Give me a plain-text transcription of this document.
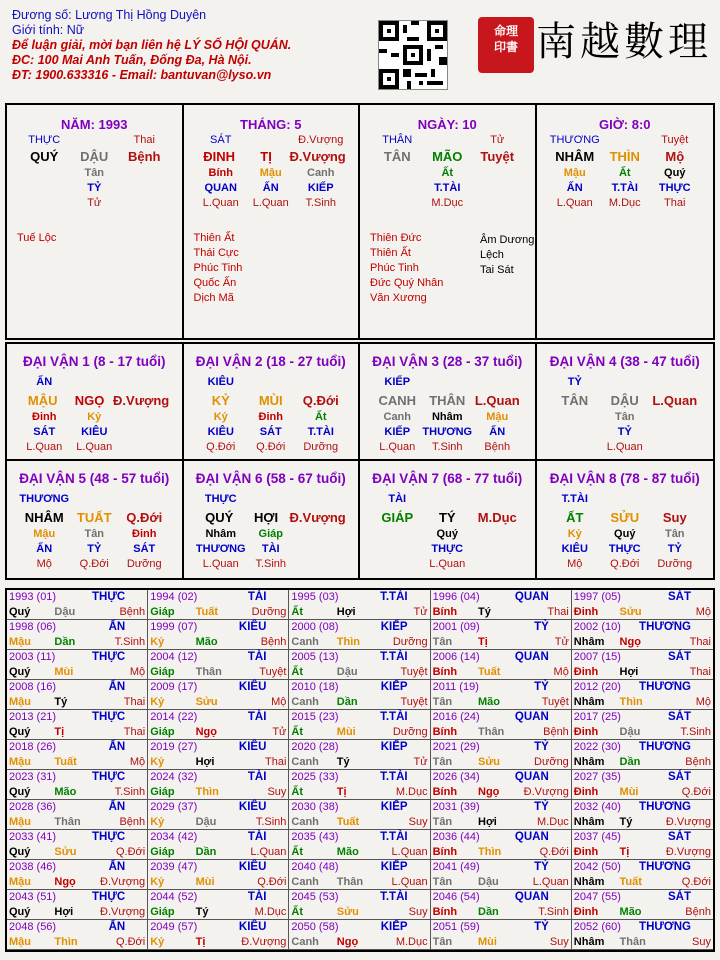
Đương số: Lương Thị Hồng Duyên
Giới tính: Nữ
Để luận giải, mời bạn liên hệ LÝ SỐ HỘI QUÁN.
ĐC: 100 Mai Anh Tuấn, Đống Đa, Hà Nội.
ĐT: 1900.633316 - Email: bantuvan@lyso.vn
命理
印書 南越數理
NĂM: 1993
THỰC	Thai
QUÝ	DẬU	Bệnh
Tân
TỶ
Tử
Tuế Lộc
THÁNG: 5
SÁT	Đ.Vượng
ĐINH	TỊ	Đ.Vượng
Bính	Mậu	Canh
QUAN	ẤN	KIẾP
L.Quan	L.Quan	T.Sinh
Thiên Ất
Thái Cực
Phúc Tinh
Quốc Ấn
Dịch Mã
NGÀY: 10
THÂN	Tử
TÂN	MÃO	Tuyệt
Ất
T.TÀI
M.Dục
Thiên Đức
Thiên Ất
Phúc Tinh
Đức Quý Nhân
Văn Xương
Âm Dương Lệch
Tai Sát
GIỜ: 8:0
THƯƠNG	Tuyệt
NHÂM	THÌN	Mộ
Mậu	Ất	Quý
ẤN	T.TÀI	THỰC
L.Quan	M.Dục	Thai
ĐẠI VẬN 1 (8 - 17 tuổi)
ẤN
MẬU	NGỌ Đ.Vượng
Đinh	Kỷ
SÁT	KIÊU
L.Quan	L.Quan
ĐẠI VẬN 2 (18 - 27 tuổi)
KIÊU
KỶ	MÙI	Q.Đới
Kỷ	Đinh	Ất
KIÊU	SÁT	T.TÀI
Q.Đới	Q.Đới	Dưỡng
ĐẠI VẬN 3 (28 - 37 tuổi)
KIẾP
CANH	THÂN L.Quan
Canh	Nhâm	Mậu
KIẾP	THƯƠNG	ẤN
L.Quan	T.Sinh	Bệnh
ĐẠI VẬN 4 (38 - 47 tuổi)
TỶ
TÂN	DẬU	L.Quan
Tân
TỶ
L.Quan
ĐẠI VẬN 5 (48 - 57 tuổi)
THƯƠNG
NHÂM	TUẤT	Q.Đới
Mậu	Tân	Đinh
ẤN	TỶ	SÁT
Mộ	Q.Đới	Dưỡng
ĐẠI VẬN 6 (58 - 67 tuổi)
THỰC
QUÝ	HỢI Đ.Vượng
Nhâm	Giáp
THƯƠNG	TÀI
L.Quan	T.Sinh
ĐẠI VẬN 7 (68 - 77 tuổi)
TÀI
GIÁP	TÝ	M.Dục
Quý
THỰC
L.Quan
ĐẠI VẬN 8 (78 - 87 tuổi)
T.TÀI
ẤT	SỬU	Suy
Kỷ	Quý	Tân
KIÊU	THỰC	TỶ
Mộ	Q.Đới	Dưỡng
1993 (01)	THỰC
Quý	Dậu	Bệnh
1994 (02)	TÀI
Giáp	Tuất	Dưỡng
1995 (03)	T.TÀI
Ất	Hợi	Tử
1996 (04)	QUAN
Bính	Tý	Thai
1997 (05)	SÁT
Đinh	Sửu	Mộ
1998 (06)	ẤN
Mậu	Dần	T.Sinh
1999 (07)	KIÊU
Kỷ	Mão	Bệnh
2000 (08)	KIẾP
Canh	Thìn	Dưỡng
2001 (09)	TỶ
Tân	Tị	Tử
2002 (10) THƯƠNG
Nhâm	Ngọ	Thai
2003 (11)	THỰC
Quý	Mùi	Mộ
2004 (12)	TÀI
Giáp	Thân	Tuyệt
2005 (13)	T.TÀI
Ất	Dậu	Tuyệt
2006 (14)	QUAN
Bính	Tuất	Mộ
2007 (15)	SÁT
Đinh	Hợi	Thai
2008 (16)	ẤN
Mậu	Tý	Thai
2009 (17)	KIÊU
Kỷ	Sửu	Mộ
2010 (18)	KIẾP
Canh	Dần	Tuyệt
2011 (19)	TỶ
Tân	Mão	Tuyệt
2012 (20) THƯƠNG
Nhâm	Thìn	Mộ
2013 (21)	THỰC
Quý	Tị	Thai
2014 (22)	TÀI
Giáp	Ngọ	Tử
2015 (23)	T.TÀI
Ất	Mùi	Dưỡng
2016 (24)	QUAN
Bính	Thân	Bệnh
2017 (25)	SÁT
Đinh	Dậu	T.Sinh
2018 (26)	ẤN
Mậu	Tuất	Mộ
2019 (27)	KIÊU
Kỷ	Hợi	Thai
2020 (28)	KIẾP
Canh	Tý	Tử
2021 (29)	TỶ
Tân	Sửu	Dưỡng
2022 (30) THƯƠNG
Nhâm	Dần	Bệnh
2023 (31)	THỰC
Quý	Mão	T.Sinh
2024 (32)	TÀI
Giáp	Thìn	Suy
2025 (33)	T.TÀI
Ất	Tị	M.Dục
2026 (34)	QUAN
Bính	Ngọ	Đ.Vượng
2027 (35)	SÁT
Đinh	Mùi	Q.Đới
2028 (36)	ẤN
Mậu	Thân	Bệnh
2029 (37)	KIÊU
Kỷ	Dậu	T.Sinh
2030 (38)	KIẾP
Canh	Tuất	Suy
2031 (39)	TỶ
Tân	Hợi	M.Dục
2032 (40) THƯƠNG
Nhâm	Tý	Đ.Vượng
2033 (41)	THỰC
Quý	Sửu	Q.Đới
2034 (42)	TÀI
Giáp	Dần	L.Quan
2035 (43)	T.TÀI
Ất	Mão	L.Quan
2036 (44)	QUAN
Bính	Thìn	Q.Đới
2037 (45)	SÁT
Đinh	Tị	Đ.Vượng
2038 (46)	ẤN
Mậu	Ngọ	Đ.Vượng
2039 (47)	KIÊU
Kỷ	Mùi	Q.Đới
2040 (48)	KIẾP
Canh	Thân	L.Quan
2041 (49)	TỶ
Tân	Dậu	L.Quan
2042 (50) THƯƠNG
Nhâm	Tuất	Q.Đới
2043 (51)	THỰC
Quý	Hợi	Đ.Vượng
2044 (52)	TÀI
Giáp	Tý	M.Dục
2045 (53)	T.TÀI
Ất	Sửu	Suy
2046 (54)	QUAN
Bính	Dần	T.Sinh
2047 (55)	SÁT
Đinh	Mão	Bệnh
2048 (56)	ẤN
Mậu	Thìn	Q.Đới
2049 (57)	KIÊU
Kỷ	Tị	Đ.Vượng
2050 (58)	KIẾP
Canh	Ngọ	M.Dục
2051 (59)	TỶ
Tân	Mùi	Suy
2052 (60) THƯƠNG
Nhâm	Thân	Suy
